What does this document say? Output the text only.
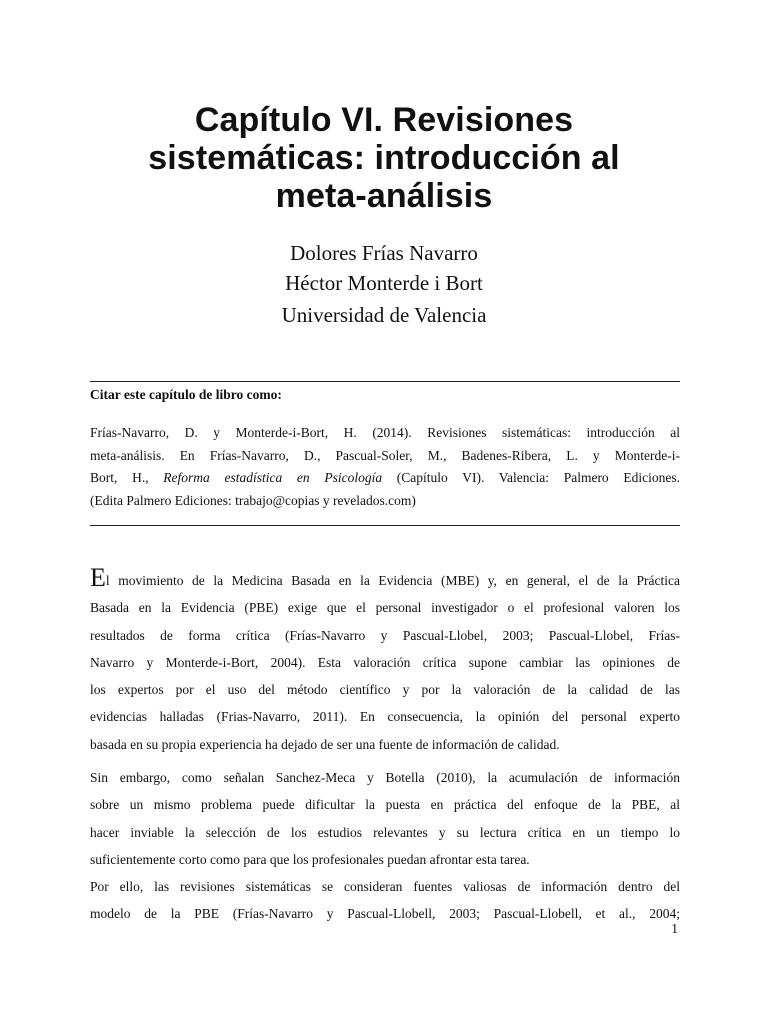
Capítulo VI. Revisiones
sistemáticas: introducción al
meta-análisis
Dolores Frías Navarro
Héctor Monterde i Bort
Universidad de Valencia
Citar este capítulo de libro como:
Frías-Navarro, D. y Monterde-i-Bort, H. (2014). Revisiones sistemáticas: introducción al
meta-análisis. En Frías-Navarro, D., Pascual-Soler, M., Badenes-Ribera, L. y Monterde-i-
Bort, H., Reforma estadística en Psicología (Capítulo VI). Valencia: Palmero Ediciones.
(Edita Palmero Ediciones: trabajo@copias y revelados.com)
El movimiento de la Medicina Basada en la Evidencia (MBE) y, en general, el de la Práctica
Basada en la Evidencia (PBE) exige que el personal investigador o el profesional valoren los
resultados de forma crítica (Frías-Navarro y Pascual-Llobel, 2003; Pascual-Llobel, Frías-
Navarro y Monterde-i-Bort, 2004). Esta valoración crítica supone cambiar las opiniones de
los expertos por el uso del método científico y por la valoración de la calidad de las
evidencias halladas (Frias-Navarro, 2011). En consecuencia, la opinión del personal experto
basada en su propia experiencia ha dejado de ser una fuente de información de calidad.
Sin embargo, como señalan Sanchez-Meca y Botella (2010), la acumulación de información
sobre un mismo problema puede dificultar la puesta en práctica del enfoque de la PBE, al
hacer inviable la selección de los estudios relevantes y su lectura crítica en un tiempo lo
suficientemente corto como para que los profesionales puedan afrontar esta tarea.
Por ello, las revisiones sistemáticas se consideran fuentes valiosas de información dentro del
modelo de la PBE (Frías-Navarro y Pascual-Llobell, 2003; Pascual-Llobell, et al., 2004;
1
